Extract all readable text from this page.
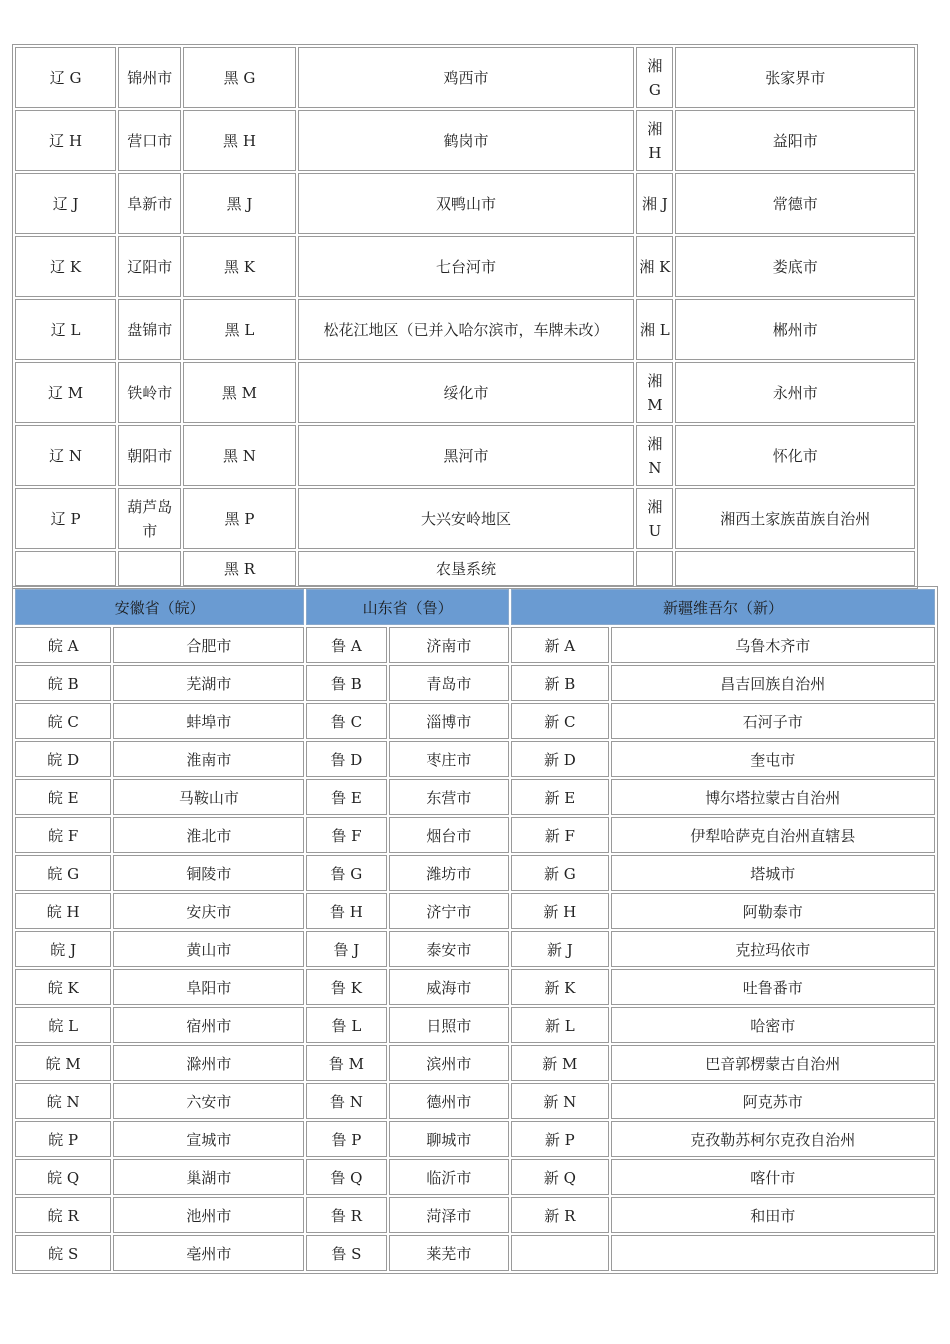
辽 G	锦州市	黑 G	鸡西市	湘 G	张家界市
辽 H	营口市	黑 H	鹤岗市	湘 H	益阳市
辽 J	阜新市	黑 J	双鸭山市	湘 J	常德市
辽 K	辽阳市	黑 K	七台河市	湘 K	娄底市
辽 L	盘锦市	黑 L	松花江地区（已并入哈尔滨市，车牌未改）	湘 L	郴州市
辽 M	铁岭市	黑 M	绥化市	湘 M	永州市
辽 N	朝阳市	黑 N	黑河市	湘 N	怀化市
辽 P	葫芦岛市	黑 P	大兴安岭地区	湘 U	湘西土家族苗族自治州
		黑 R	农垦系统		
安徽省（皖）		山东省（鲁）		新疆维吾尔（新）	
皖 A	合肥市	鲁 A	济南市	新 A	乌鲁木齐市
皖 B	芜湖市	鲁 B	青岛市	新 B	昌吉回族自治州
皖 C	蚌埠市	鲁 C	淄博市	新 C	石河子市
皖 D	淮南市	鲁 D	枣庄市	新 D	奎屯市
皖 E	马鞍山市	鲁 E	东营市	新 E	博尔塔拉蒙古自治州
皖 F	淮北市	鲁 F	烟台市	新 F	伊犁哈萨克自治州直辖县
皖 G	铜陵市	鲁 G	潍坊市	新 G	塔城市
皖 H	安庆市	鲁 H	济宁市	新 H	阿勒泰市
皖 J	黄山市	鲁 J	泰安市	新 J	克拉玛依市
皖 K	阜阳市	鲁 K	威海市	新 K	吐鲁番市
皖 L	宿州市	鲁 L	日照市	新 L	哈密市
皖 M	滁州市	鲁 M	滨州市	新 M	巴音郭楞蒙古自治州
皖 N	六安市	鲁 N	德州市	新 N	阿克苏市
皖 P	宣城市	鲁 P	聊城市	新 P	克孜勒苏柯尔克孜自治州
皖 Q	巢湖市	鲁 Q	临沂市	新 Q	喀什市
皖 R	池州市	鲁 R	菏泽市	新 R	和田市
皖 S	亳州市	鲁 S	莱芜市		
